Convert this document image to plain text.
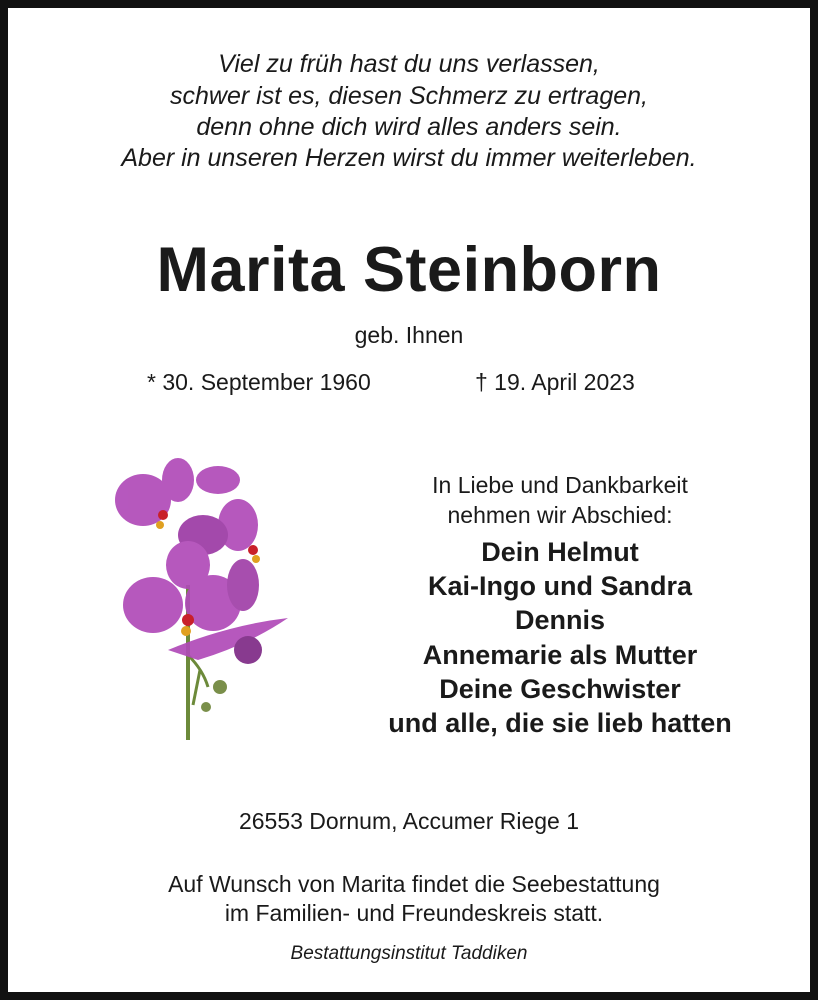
Viel zu früh hast du uns verlassen,
schwer ist es, diesen Schmerz zu ertragen,
denn ohne dich wird alles anders sein.
Aber in unseren Herzen wirst du immer weiterleben.
Marita Steinborn
geb. Ihnen
* 30. September 1960	† 19. April 2023
In Liebe und Dankbarkeit
nehmen wir Abschied:
Dein Helmut
Kai-Ingo und Sandra
Dennis
Annemarie als Mutter
Deine Geschwister
und alle, die sie lieb hatten
26553 Dornum, Accumer Riege 1
Auf Wunsch von Marita findet die Seebestattung
im Familien- und Freundeskreis statt.
Bestattungsinstitut Taddiken
